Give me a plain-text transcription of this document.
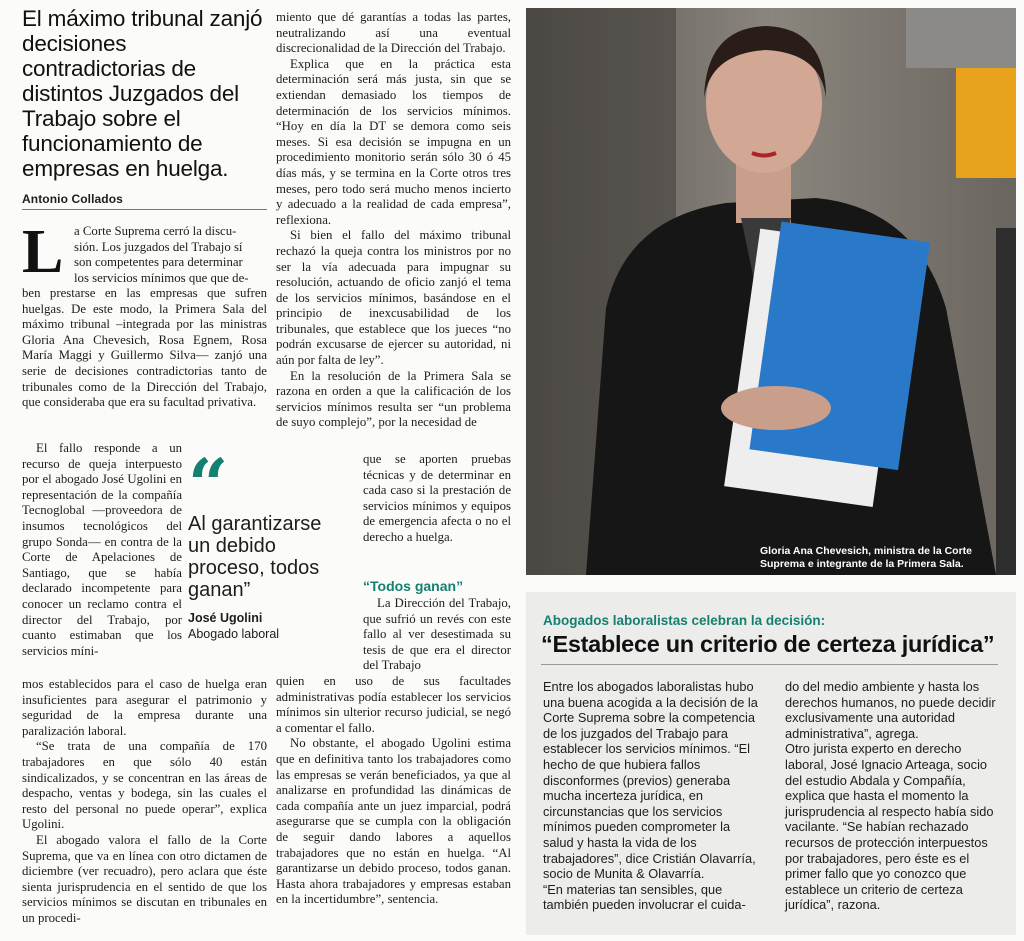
El máximo tribunal zanjó decisiones contradictorias de distintos Juzgados del Trabajo sobre el funcionamiento de empresas en huelga.
Antonio Collados
L a Corte Suprema cerró la discu-

sión. Los juzgados del Trabajo sí

son competentes para determinar

los servicios mínimos que que de-

ben prestarse en las empresas que sufren huelgas. De este modo, la Primera Sala del máximo tribunal –integrada por las ministras Gloria Ana Chevesich, Rosa Egnem, Rosa María Maggi y Guillermo Silva— zanjó una serie de decisiones contradictorias tanto de tribunales como de la Dirección del Trabajo, que consideraba que era su facultad privativa.

El fallo responde a un recurso de queja interpuesto por el abogado José Ugolini en representación de la compañía Tecnoglobal —proveedora de insumos tecnológicos del grupo Sonda— en contra de la Corte de Apelaciones de Santiago, que se había declarado incompetente para conocer un reclamo contra el director del Trabajo, por cuanto estimaban que los servicios míni-

mos establecidos para el caso de huelga eran insuficientes para asegurar el patrimonio y seguridad de la empresa durante una paralización laboral.

“Se trata de una compañía de 170 trabajadores en que sólo 40 están sindicalizados, y se concentran en las áreas de despacho, ventas y bodega, sin las cuales el resto del personal no puede operar”, explica Ugolini.

El abogado valora el fallo de la Corte Suprema, que va en línea con otro dictamen de diciembre (ver recuadro), pero aclara que éste sienta jurisprudencia en el sentido de que los servicios mínimos se discutan en tribunales en un procedi-

“
Al garantizarse un debido proceso, todos ganan”
José Ugolini
Abogado laboral

miento que dé garantías a todas las partes, neutralizando así una eventual discrecionalidad de la Dirección del Trabajo.

Explica que en la práctica esta determinación será más justa, sin que se extiendan demasiado los tiempos de determinación de los servicios mínimos. “Hoy en día la DT se demora como seis meses. Si esa decisión se impugna en un procedimiento monitorio serán sólo 30 ó 45 días más, y se termina en la Corte otros tres meses, pero todo será mucho menos incierto y adecuado a la realidad de cada empresa”, reflexiona.

Si bien el fallo del máximo tribunal rechazó la queja contra los ministros por no ser la vía adecuada para impugnar su resolución, actuando de oficio zanjó el tema de los servicios mínimos, basándose en el principio de inexcusabilidad de los tribunales, que establece que los jueces “no podrán excusarse de ejercer su autoridad, ni aún por falta de ley”.

En la resolución de la Primera Sala se razona en orden a que la calificación de los servicios mínimos resulta ser “un problema de suyo complejo”, por la necesidad de

que se aporten pruebas técnicas y de determinar en cada caso si la prestación de servicios mínimos y equipos de emergencia afecta o no el derecho a huelga.

“Todos ganan”

La Dirección del Trabajo, que sufrió un revés con este fallo al ver desestimada su tesis de que era el director del Trabajo

quien en uso de sus facultades administrativas podía establecer los servicios mínimos sin ulterior recurso judicial, se negó a comentar el fallo.

No obstante, el abogado Ugolini estima que en definitiva tanto los trabajadores como las empresas se verán beneficiados, ya que al analizarse en profundidad las dinámicas de cada compañía ante un juez imparcial, podrá asegurarse que se cumpla con la obligación de seguir dando labores a aquellos trabajadores que no están en huelga. “Al garantizarse un debido proceso, todos ganan. Hasta ahora trabajadores y empresas estaban en la incertidumbre”, sentencia.

Gloria Ana Chevesich, ministra de la Corte Suprema e integrante de la Primera Sala.
Abogados laboralistas celebran la decisión:
“Establece un criterio de certeza jurídica”

Entre los abogados laboralistas hubo una buena acogida a la decisión de la Corte Suprema sobre la competencia de los juzgados del Trabajo para establecer los servicios mínimos. “El hecho de que hubiera fallos disconformes (previos) generaba mucha incerteza jurídica, en circunstancias que los servicios mínimos pueden comprometer la salud y hasta la vida de los trabajadores”, dice Cristián Olavarría, socio de Munita & Olavarría.

“En materias tan sensibles, que también pueden involucrar el cuida-

do del medio ambiente y hasta los derechos humanos, no puede decidir exclusivamente una autoridad administrativa”, agrega.

Otro jurista experto en derecho laboral, José Ignacio Arteaga, socio del estudio Abdala y Compañía, explica que hasta el momento la jurisprudencia al respecto había sido vacilante. “Se habían rechazado recursos de protección interpuestos por trabajadores, pero éste es el primer fallo que yo conozco que establece un criterio de certeza jurídica”, razona.
